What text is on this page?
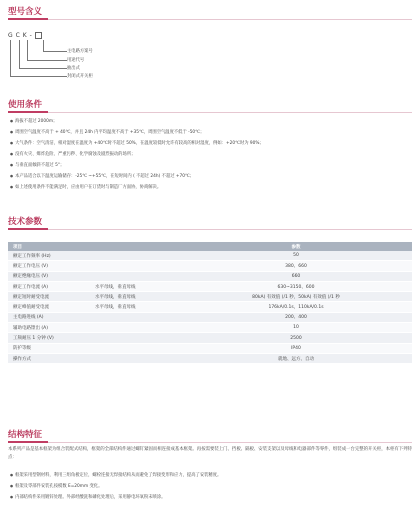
型号含义
G C K -
主电路方案号
用途代号
抽出式
封闭式开关柜
使用条件
● 海拔不超过 2000m；
● 周围空气温度不高于 + 40℃，并且 24h 内平均温度不高于 +35℃，周围空气温度不低于 -50℃；
● 大气条件：空气清洁，相对湿度在温度为 +40℃时不超过 50%，在温度较低时允许有较高的相对湿度，例如：+20℃时为 90%；
● 没有火灾、爆炸危险、严重污秽、化学腐蚀及剧烈振动的场所；
● 与垂直面倾斜不超过 5°；
● 本产品适合以下温度运输储存：-25℃ ~+55℃，在短时间内 ( 不超过 24h) 不超过 +70℃；
● 如上述使用条件不能满足时，应由用户在订货时与制造厂方面协，协商解决。
技术参数
项目		参数
额定工作频率 (Hz)		50
额定工作电压 (V)		380、660
额定绝缘电压 (V)		660
额定工作电流 (A)	水平母线，垂直母线	630~3150、600
额定短时耐受电流	水平母线，垂直母线	80kA( 有效值 )/1 秒，50kA( 有效值 )/1 秒
额定峰值耐受电流	水平母线，垂直母线	176kA/0.1s，110kA/0.1s
主电路进线 (A)		200、400
辅助电路馈出 (A)		10
工频耐压 1 分钟 (V)		2500
防护等级		IP40
操作方式		就地、远方、自动
结构特征
本系列产品是基本框架为组合装配式结构，框架的全部结构件通过螺钉紧固而相连接成基本框架。再按需要装上门、挡板、隔板、安装支架以及母线和电器部件等零件，组装成一台完整的开关柜，本柜有下列特点：
● 框架采用型钢材料，利用三组角板定位，螺栓连接无焊接结构从而避免了焊接变形和应力，提高了安装精度。
● 框架及零部件安装孔按模数 E=20mm 变化。
● 内部结构件采用镀锌处理。外部经酸洗和磷化处理后，采用静电环氧粉末喷涂。
